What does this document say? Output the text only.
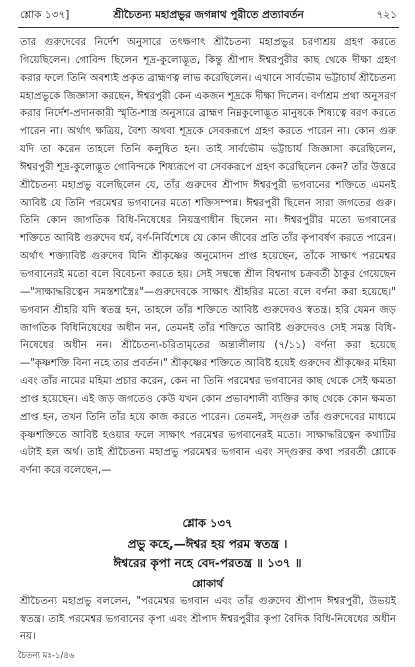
শ্লোক ১৩৭]	শ্রীচৈতন্য মহাপ্রভুর জগন্নাথ পুরীতে প্রত্যাবর্তন	৭২১

তার গুরুদেবের নির্দেশ অনুসারে তৎক্ষণাৎ শ্রীচৈতন্য মহাপ্রভুর চরণাশ্রয় গ্রহণ করতে গিয়েছিলেন। গোবিন্দ ছিলেন শূদ্র-কুলোদ্ভূত, কিন্তু শ্রীপাদ ঈশ্বরপুরীর কাছ থেকে দীক্ষা গ্রহণ করার ফলে তিনি অবশ্যই প্রকৃত ব্রাহ্মণত্ব লাভ করেছিলেন। এখানে সার্বভৌম ভট্টাচার্য শ্রীচৈতন্য মহাপ্রভুকে জিজ্ঞাসা করছেন, ঈশ্বরপুরী কেন একজন শূদ্রকে দীক্ষা দিলেন। বর্ণাশ্রম প্রথা অনুসরণ করার নির্দেশ-প্রদানকারী স্মৃতি-শাস্ত্র অনুসারে ব্রাহ্মণ নিম্নকুলোদ্ভূত মানুষকে শিষ্যত্বে বরণ করতে পারেন না। অর্থাৎ ক্ষত্রিয়, বৈশ্য অথবা শূদ্রকে সেবকরূপে গ্রহণ করতে পারেন না। কোন গুরু যদি তা করেন তাহলে তিনি কলুষিত হন। তাই সার্বভৌম ভট্টাচার্য জিজ্ঞাসা করেছিলেন, ঈশ্বরপুরী শূদ্র-কুলোদ্ভূত গোবিন্দকে শিষ্যরূপে বা সেবকরূপে গ্রহণ করেছিলেন কেন? তাঁর উত্তরে শ্রীচৈতন্য মহাপ্রভু বলেছিলেন যে, তাঁর গুরুদেব শ্রীপাদ ঈশ্বরপুরী ভগবানের শক্তিতে এমনই আবিষ্ট যে তিনি পরমেশ্বর ভগবানের মতো শক্তিসম্পন্ন। ঈশ্বরপুরী ছিলেন সারা জগতের গুরু। তিনি কোন জাগতিক বিধি-নিষেধের নিয়ন্ত্রণাধীন ছিলেন না। ঈশ্বরপুরীর মতো ভগবানের শক্তিতে আবিষ্ট গুরুদেব ধর্ম, বর্ণ-নির্বিশেষে যে কোন জীবের প্রতি তাঁর কৃপাবর্ষণ করতে পারেন। অর্থাৎ শক্ত্যাবিষ্ট গুরুদেব যিনি শ্রীকৃষ্ণের অনুমোদন প্রাপ্ত হয়েছেন, তাঁকে সাক্ষাৎ পরমেশ্বর ভগবানেরই মতো বলে বিবেচনা করতে হয়। সেই সম্বন্ধে শ্রীল বিশ্বনাথ চক্রবর্তী ঠাকুর গেয়েছেন—"সাক্ষাদ্ধরিত্বেন সমস্তশাস্ত্রৈঃ"—গুরুদেবকে সাক্ষাৎ শ্রীহরির মতো বলে বর্ণনা করা হয়েছে।" ভগবান শ্রীহরি যদি স্বতন্ত্র হন, তাহলে তাঁর শক্তিতে আবিষ্ট গুরুদেবও স্বতন্ত্র। হরি যেমন জড় জাগতিক বিধিনিষেধের অধীন নন, তেমনই তাঁর শক্তিতে আবিষ্ট গুরুদেবও সেই সমস্ত বিধি-নিষেধের অধীন নন। শ্রীচৈতন্য-চরিতামৃতের অন্ত্যলীলায় (৭/১১) বর্ণনা করা হয়েছে—"কৃষ্ণশক্তি বিনা নহে তার প্রবর্তন।" শ্রীকৃষ্ণের শক্তিতে আবিষ্ট হয়েই গুরুদেব শ্রীকৃষ্ণের মহিমা এবং তাঁর নামের মহিমা প্রচার করেন, কেন না তিনি পরমেশ্বর ভগবানের কাছ থেকে সেই ক্ষমতা প্রাপ্ত হয়েছেন। এই জড় জগতেও কেউ যখন কোন প্রভাবশালী ব্যক্তির কাছ থেকে কোন ক্ষমতা প্রাপ্ত হন, তখন তিনি তাঁর হয়ে কাজ করতে পারেন। তেমনই, সদ্গুরু তাঁর গুরুদেবের মাধ্যমে কৃষ্ণশক্তিতে আবিষ্ট হওয়ার ফলে সাক্ষাৎ পরমেশ্বর ভগবানেরই মতো। সাক্ষাদ্ধরিত্বেন কথাটির এটাই হল অর্থ। তাই শ্রীচৈতন্য মহাপ্রভু পরমেশ্বর ভগবান এবং সদ্গুরুর কথা পরবর্তী শ্লোকে বর্ণনা করে বলেছেন,—

শ্লোক ১৩৭
প্রভু কহে,—ঈশ্বর হয় পরম স্বতন্ত্র ।
ঈশ্বরের কৃপা নহে বেদ-পরতন্ত্র ॥ ১৩৭ ॥
শ্লোকার্থ
শ্রীচৈতন্য মহাপ্রভু বললেন, "পরমেশ্বর ভগবান এবং তাঁর গুরুদেব শ্রীপাদ ঈশ্বরপুরী, উভয়ই স্বতন্ত্র। তাই পরমেশ্বর ভগবানের কৃপা এবং শ্রীপাদ ঈশ্বরপুরীর কৃপা বৈদিক বিধি-নিষেধের অধীন নয়।
চৈতন্য মঃ-১/৪৬
